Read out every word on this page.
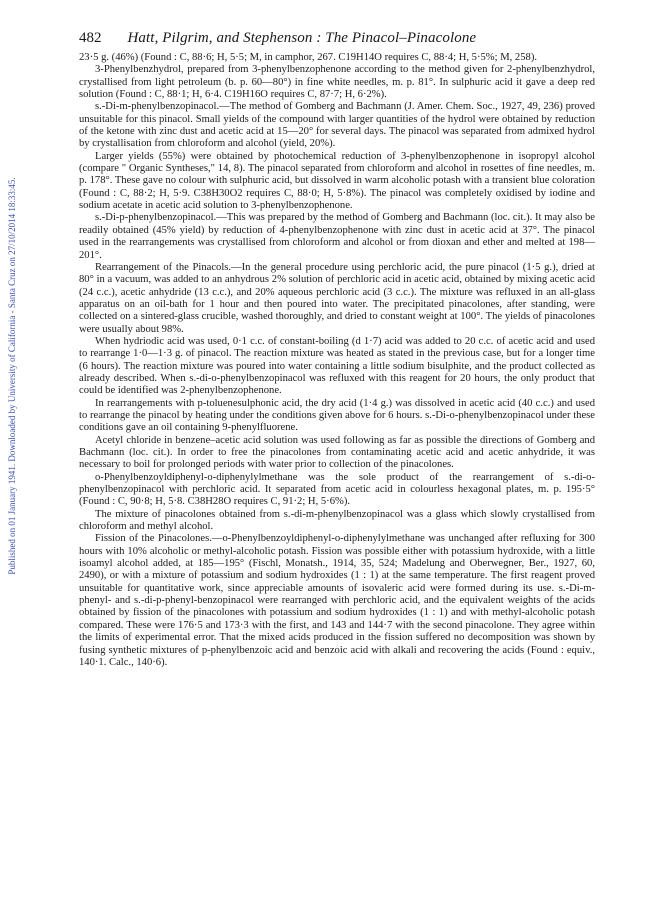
Published on 01 January 1941. Downloaded by University of California - Santa Cruz on 27/10/2014 18:33:45.
482 Hatt, Pilgrim, and Stephenson : The Pinacol–Pinacolone

23·5 g. (46%) (Found : C, 88·6; H, 5·5; M, in camphor, 267. C19H14O requires C, 88·4; H, 5·5%; M, 258).

3-Phenylbenzhydrol, prepared from 3-phenylbenzophenone according to the method given for 2-phenylbenzhydrol, crystallised from light petroleum (b. p. 60—80°) in fine white needles, m. p. 81°. In sulphuric acid it gave a deep red solution (Found : C, 88·1; H, 6·4. C19H16O requires C, 87·7; H, 6·2%).

s.-Di-m-phenylbenzopinacol.—The method of Gomberg and Bachmann (J. Amer. Chem. Soc., 1927, 49, 236) proved unsuitable for this pinacol. Small yields of the compound with larger quantities of the hydrol were obtained by reduction of the ketone with zinc dust and acetic acid at 15—20° for several days. The pinacol was separated from admixed hydrol by crystallisation from chloroform and alcohol (yield, 20%).

Larger yields (55%) were obtained by photochemical reduction of 3-phenylbenzophenone in isopropyl alcohol (compare " Organic Syntheses," 14, 8). The pinacol separated from chloroform and alcohol in rosettes of fine needles, m. p. 178°. These gave no colour with sulphuric acid, but dissolved in warm alcoholic potash with a transient blue coloration (Found : C, 88·2; H, 5·9. C38H30O2 requires C, 88·0; H, 5·8%). The pinacol was completely oxidised by iodine and sodium acetate in acetic acid solution to 3-phenylbenzophenone.

s.-Di-p-phenylbenzopinacol.—This was prepared by the method of Gomberg and Bachmann (loc. cit.). It may also be readily obtained (45% yield) by reduction of 4-phenylbenzophenone with zinc dust in acetic acid at 37°. The pinacol used in the rearrangements was crystallised from chloroform and alcohol or from dioxan and ether and melted at 198—201°.

Rearrangement of the Pinacols.—In the general procedure using perchloric acid, the pure pinacol (1·5 g.), dried at 80° in a vacuum, was added to an anhydrous 2% solution of perchloric acid in acetic acid, obtained by mixing acetic acid (24 c.c.), acetic anhydride (13 c.c.), and 20% aqueous perchloric acid (3 c.c.). The mixture was refluxed in an all-glass apparatus on an oil-bath for 1 hour and then poured into water. The precipitated pinacolones, after standing, were collected on a sintered-glass crucible, washed thoroughly, and dried to constant weight at 100°. The yields of pinacolones were usually about 98%.

When hydriodic acid was used, 0·1 c.c. of constant-boiling (d 1·7) acid was added to 20 c.c. of acetic acid and used to rearrange 1·0—1·3 g. of pinacol. The reaction mixture was heated as stated in the previous case, but for a longer time (6 hours). The reaction mixture was poured into water containing a little sodium bisulphite, and the product collected as already described. When s.-di-o-phenylbenzopinacol was refluxed with this reagent for 20 hours, the only product that could be identified was 2-phenylbenzophenone.

In rearrangements with p-toluenesulphonic acid, the dry acid (1·4 g.) was dissolved in acetic acid (40 c.c.) and used to rearrange the pinacol by heating under the conditions given above for 6 hours. s.-Di-o-phenylbenzopinacol under these conditions gave an oil containing 9-phenylfluorene.

Acetyl chloride in benzene–acetic acid solution was used following as far as possible the directions of Gomberg and Bachmann (loc. cit.). In order to free the pinacolones from contaminating acetic acid and acetic anhydride, it was necessary to boil for prolonged periods with water prior to collection of the pinacolones.

o-Phenylbenzoyldiphenyl-o-diphenylylmethane was the sole product of the rearrangement of s.-di-o-phenylbenzopinacol with perchloric acid. It separated from acetic acid in colourless hexagonal plates, m. p. 195·5° (Found : C, 90·8; H, 5·8. C38H28O requires C, 91·2; H, 5·6%).

The mixture of pinacolones obtained from s.-di-m-phenylbenzopinacol was a glass which slowly crystallised from chloroform and methyl alcohol.

Fission of the Pinacolones.—o-Phenylbenzoyldiphenyl-o-diphenylylmethane was unchanged after refluxing for 300 hours with 10% alcoholic or methyl-alcoholic potash. Fission was possible either with potassium hydroxide, with a little isoamyl alcohol added, at 185—195° (Fischl, Monatsh., 1914, 35, 524; Madelung and Oberwegner, Ber., 1927, 60, 2490), or with a mixture of potassium and sodium hydroxides (1 : 1) at the same temperature. The first reagent proved unsuitable for quantitative work, since appreciable amounts of isovaleric acid were formed during its use. s.-Di-m-phenyl- and s.-di-p-phenyl-benzopinacol were rearranged with perchloric acid, and the equivalent weights of the acids obtained by fission of the pinacolones with potassium and sodium hydroxides (1 : 1) and with methyl-alcoholic potash compared. These were 176·5 and 173·3 with the first, and 143 and 144·7 with the second pinacolone. They agree within the limits of experimental error. That the mixed acids produced in the fission suffered no decomposition was shown by fusing synthetic mixtures of p-phenylbenzoic acid and benzoic acid with alkali and recovering the acids (Found : equiv., 140·1. Calc., 140·6).
